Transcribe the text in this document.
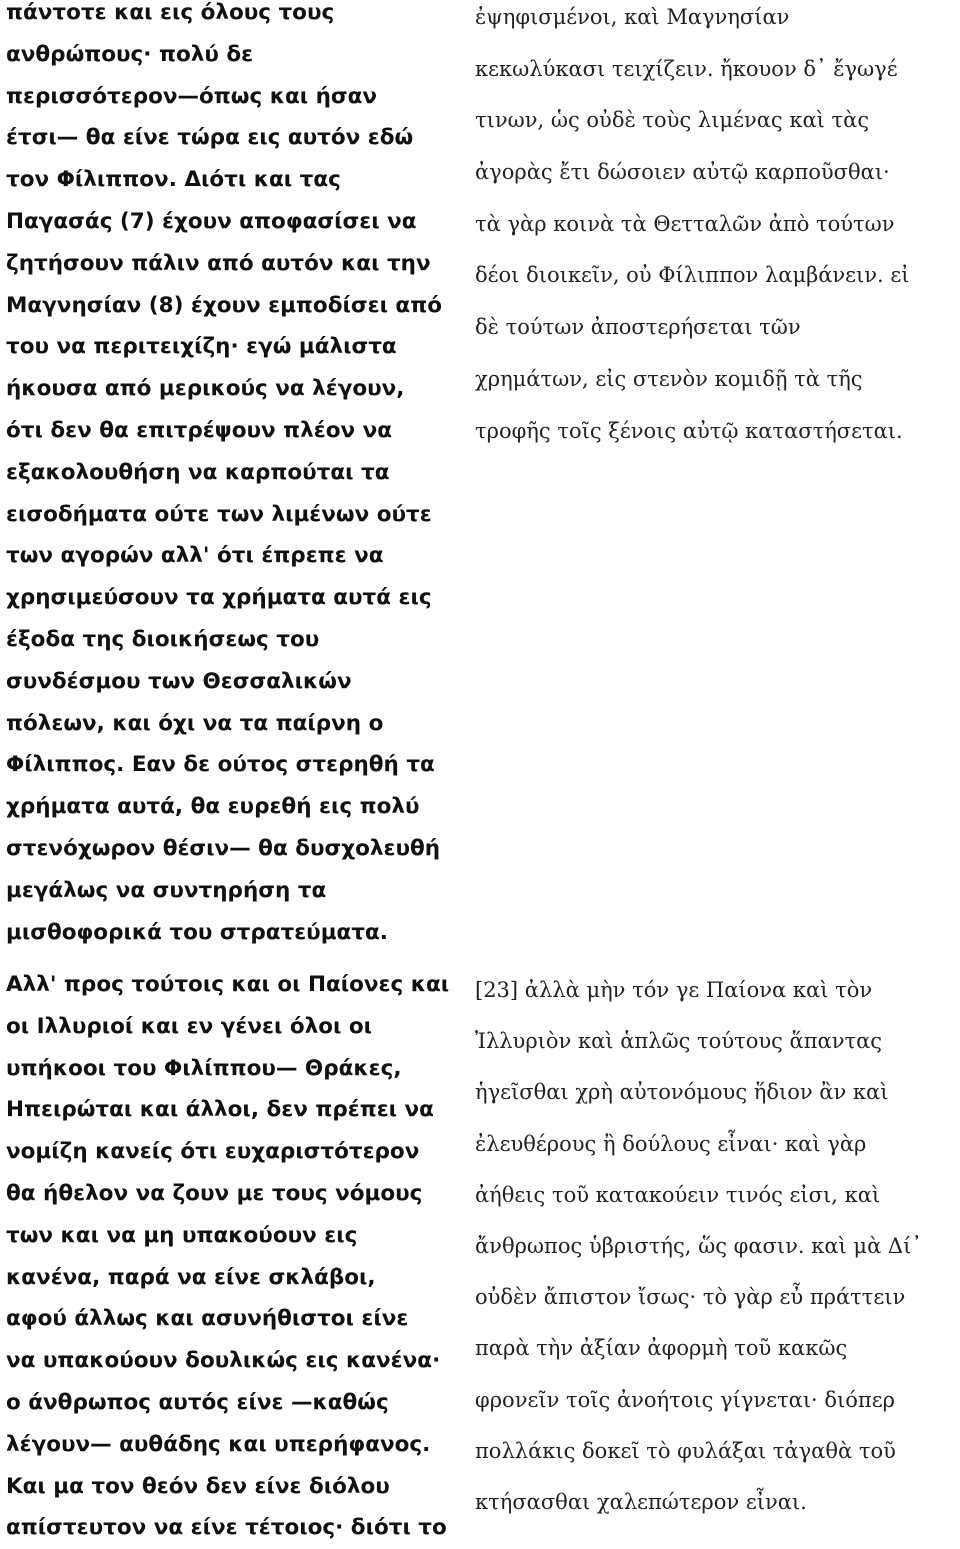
πάντοτε και εις όλους τους
ανθρώπους· πολύ δε
περισσότερον—όπως και ήσαν
έτσι— θα είνε τώρα εις αυτόν εδώ
τον Φίλιππον. Διότι και τας
Παγασάς (7) έχουν αποφασίσει να
ζητήσουν πάλιν από αυτόν και την
Μαγνησίαν (8) έχουν εμποδίσει από
του να περιτειχίζη· εγώ μάλιστα
ήκουσα από μερικούς να λέγουν,
ότι δεν θα επιτρέψουν πλέον να
εξακολουθήση να καρπούται τα
εισοδήματα ούτε των λιμένων ούτε
των αγορών αλλ' ότι έπρεπε να
χρησιμεύσουν τα χρήματα αυτά εις
έξοδα της διοικήσεως του
συνδέσμου των Θεσσαλικών
πόλεων, και όχι να τα παίρνη ο
Φίλιππος. Εαν δε ούτος στερηθή τα
χρήματα αυτά, θα ευρεθή εις πολύ
στενόχωρον θέσιν— θα δυσχολευθή
μεγάλως να συντηρήση τα
μισθοφορικά του στρατεύματα.
ἐψηφισμένοι, καὶ Μαγνησίαν
κεκωλύκασι τειχίζειν. ἤκουον δ᾽ ἔγωγέ
τινων, ὡς οὐδὲ τοὺς λιμένας καὶ τὰς
ἀγορὰς ἔτι δώσοιεν αὐτῷ καρποῦσθαι·
τὰ γὰρ κοινὰ τὰ Θετταλῶν ἀπὸ τούτων
δέοι διοικεῖν, οὐ Φίλιππον λαμβάνειν. εἰ
δὲ τούτων ἀποστερήσεται τῶν
χρημάτων, εἰς στενὸν κομιδῇ τὰ τῆς
τροφῆς τοῖς ξένοις αὐτῷ καταστήσεται.
Αλλ' προς τούτοις και οι Παίονες και
οι Ιλλυριοί και εν γένει όλοι οι
υπήκοοι του Φιλίππου— Θράκες,
Ηπειρώται και άλλοι, δεν πρέπει να
νομίζη κανείς ότι ευχαριστότερον
θα ήθελον να ζουν με τους νόμους
των και να μη υπακούουν εις
κανένα, παρά να είνε σκλάβοι,
αφού άλλως και ασυνήθιστοι είνε
να υπακούουν δουλικώς εις κανένα·
ο άνθρωπος αυτός είνε —καθώς
λέγουν— αυθάδης και υπερήφανος.
Και μα τον θεόν δεν είνε διόλου
απίστευτον να είνε τέτοιος· διότι το
[23] ἀλλὰ μὴν τόν γε Παίονα καὶ τὸν
Ἰλλυριὸν καὶ ἁπλῶς τούτους ἅπαντας
ἡγεῖσθαι χρὴ αὐτονόμους ἥδιον ἂν καὶ
ἐλευθέρους ἢ δούλους εἶναι· καὶ γὰρ
ἀήθεις τοῦ κατακούειν τινός εἰσι, καὶ
ἄνθρωπος ὑβριστής, ὥς φασιν. καὶ μὰ Δί᾽
οὐδὲν ἄπιστον ἴσως· τὸ γὰρ εὖ πράττειν
παρὰ τὴν ἀξίαν ἀφορμὴ τοῦ κακῶς
φρονεῖν τοῖς ἀνοήτοις γίγνεται· διόπερ
πολλάκις δοκεῖ τὸ φυλάξαι τἀγαθὰ τοῦ
κτήσασθαι χαλεπώτερον εἶναι.
